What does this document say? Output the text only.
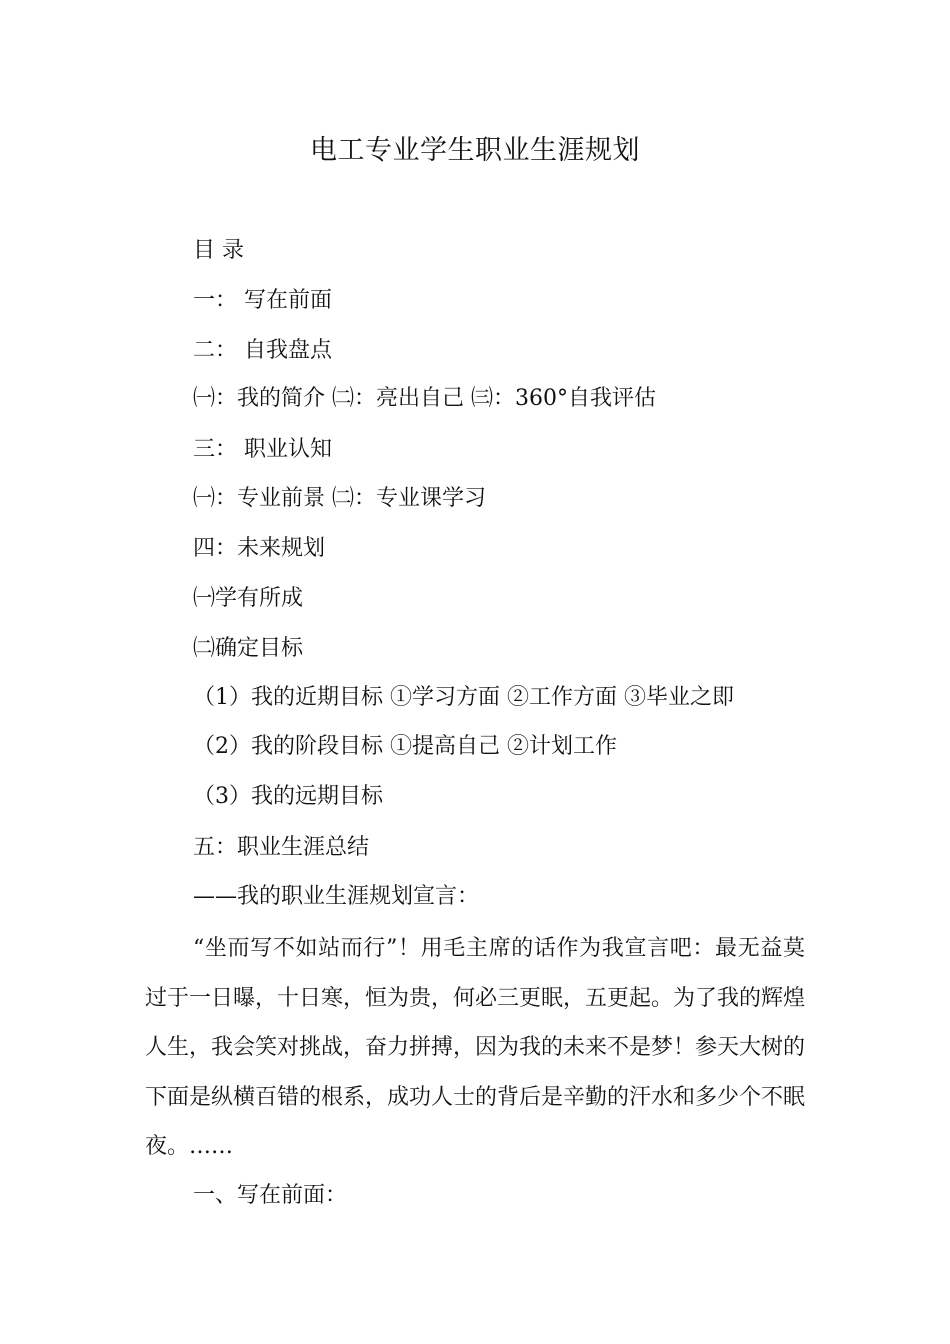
电工专业学生职业生涯规划
目 录
一： 写在前面
二： 自我盘点
㈠：我的简介 ㈡：亮出自己 ㈢：360°自我评估
三： 职业认知
㈠：专业前景 ㈡：专业课学习
四：未来规划
㈠学有所成
㈡确定目标
（1）我的近期目标 ①学习方面 ②工作方面 ③毕业之即
（2）我的阶段目标 ①提高自己 ②计划工作
（3）我的远期目标
五：职业生涯总结
——我的职业生涯规划宣言：
“坐而写不如站而行”！用毛主席的话作为我宣言吧：最无益莫过于一日曝，十日寒，恒为贵，何必三更眠，五更起。为了我的辉煌人生，我会笑对挑战，奋力拼搏，因为我的未来不是梦！参天大树的下面是纵横百错的根系，成功人士的背后是辛勤的汗水和多少个不眠夜。……
一、写在前面：
